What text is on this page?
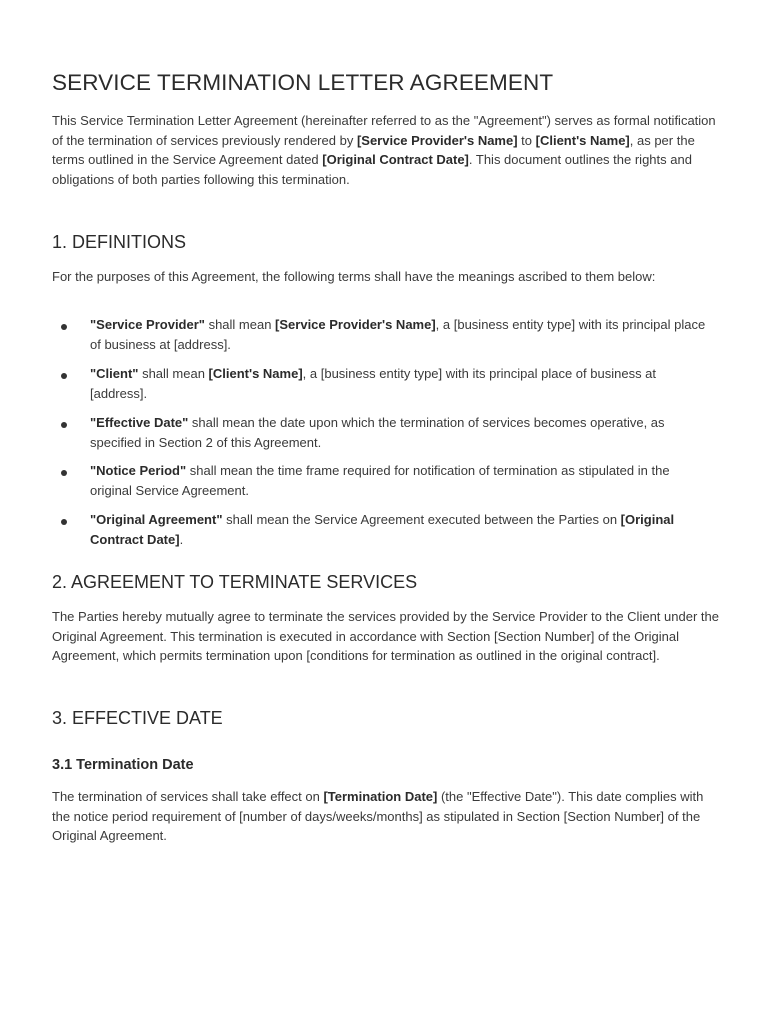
SERVICE TERMINATION LETTER AGREEMENT

This Service Termination Letter Agreement (hereinafter referred to as the "Agreement") serves as formal notification of the termination of services previously rendered by [Service Provider's Name] to [Client's Name], as per the terms outlined in the Service Agreement dated [Original Contract Date]. This document outlines the rights and obligations of both parties following this termination.

1. DEFINITIONS

For the purposes of this Agreement, the following terms shall have the meanings ascribed to them below:

"Service Provider" shall mean [Service Provider's Name], a [business entity type] with its principal place of business at [address].

"Client" shall mean [Client's Name], a [business entity type] with its principal place of business at [address].

"Effective Date" shall mean the date upon which the termination of services becomes operative, as specified in Section 2 of this Agreement.

"Notice Period" shall mean the time frame required for notification of termination as stipulated in the original Service Agreement.

"Original Agreement" shall mean the Service Agreement executed between the Parties on [Original Contract Date].

2. AGREEMENT TO TERMINATE SERVICES

The Parties hereby mutually agree to terminate the services provided by the Service Provider to the Client under the Original Agreement. This termination is executed in accordance with Section [Section Number] of the Original Agreement, which permits termination upon [conditions for termination as outlined in the original contract].

3. EFFECTIVE DATE
3.1 Termination Date

The termination of services shall take effect on [Termination Date] (the "Effective Date"). This date complies with the notice period requirement of [number of days/weeks/months] as stipulated in Section [Section Number] of the Original Agreement.
